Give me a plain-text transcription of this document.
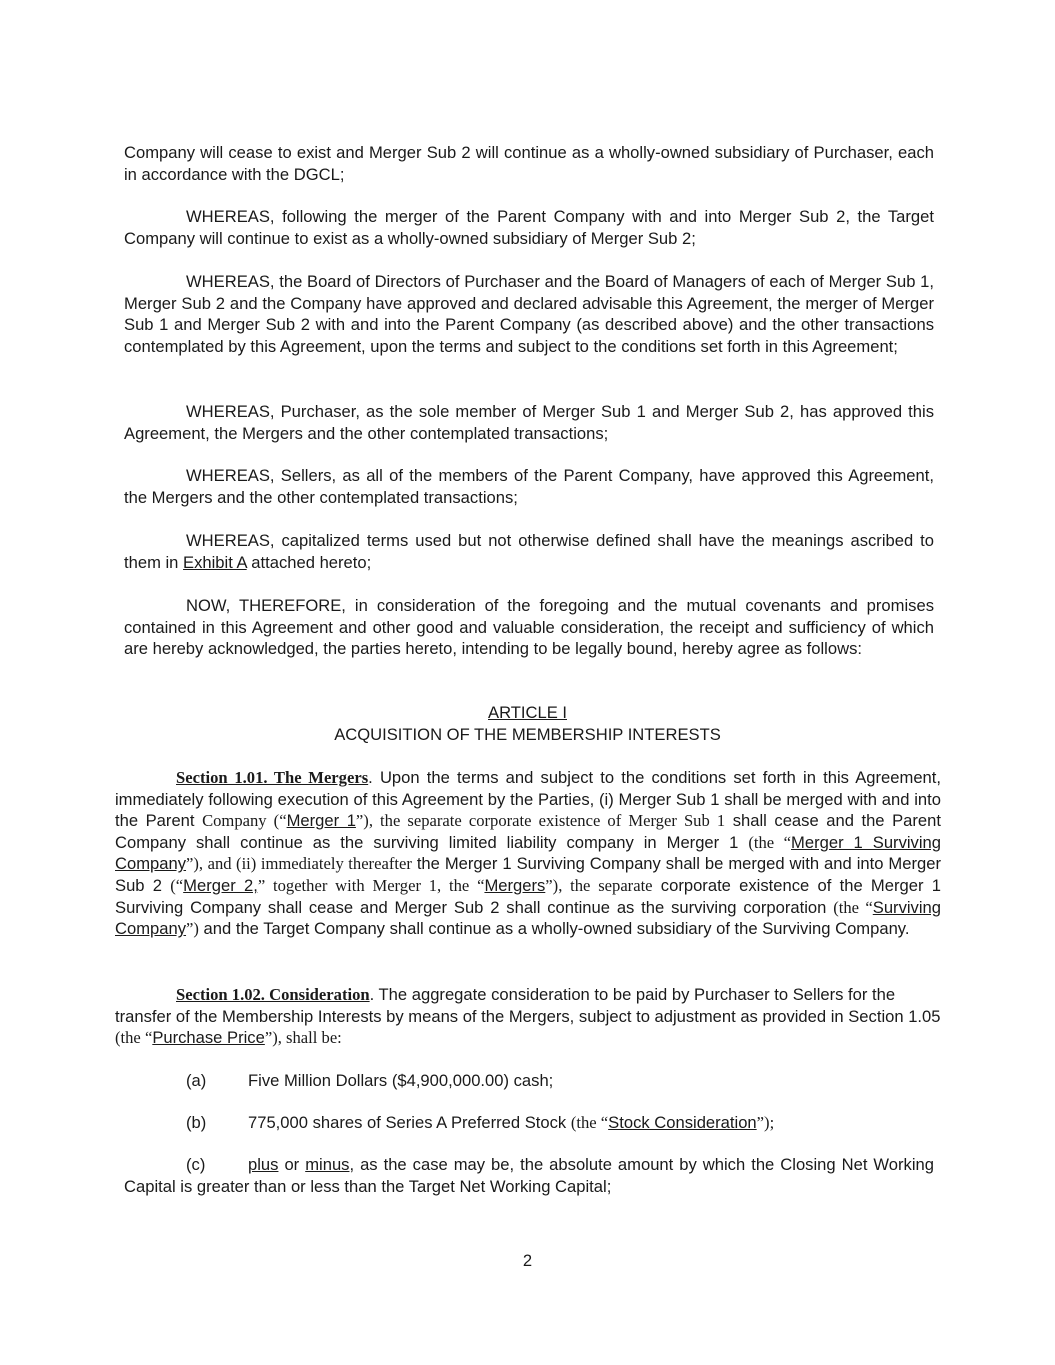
Company will cease to exist and Merger Sub 2 will continue as a wholly-owned subsidiary of Purchaser, each in accordance with the DGCL;

WHEREAS, following the merger of the Parent Company with and into Merger Sub 2, the Target Company will continue to exist as a wholly-owned subsidiary of Merger Sub 2;

WHEREAS, the Board of Directors of Purchaser and the Board of Managers of each of Merger Sub 1, Merger Sub 2 and the Company have approved and declared advisable this Agreement, the merger of Merger Sub 1 and Merger Sub 2 with and into the Parent Company (as described above) and the other transactions contemplated by this Agreement, upon the terms and subject to the conditions set forth in this Agreement;

WHEREAS, Purchaser, as the sole member of Merger Sub 1 and Merger Sub 2, has approved this Agreement, the Mergers and the other contemplated transactions;

WHEREAS, Sellers, as all of the members of the Parent Company, have approved this Agreement, the Mergers and the other contemplated transactions;

WHEREAS, capitalized terms used but not otherwise defined shall have the meanings ascribed to them in Exhibit A attached hereto;

NOW, THEREFORE, in consideration of the foregoing and the mutual covenants and promises contained in this Agreement and other good and valuable consideration, the receipt and sufficiency of which are hereby acknowledged, the parties hereto, intending to be legally bound, hereby agree as follows:

ARTICLE I

ACQUISITION OF THE MEMBERSHIP INTERESTS

Section 1.01. The Mergers. Upon the terms and subject to the conditions set forth in this Agreement, immediately following execution of this Agreement by the Parties, (i) Merger Sub 1 shall be merged with and into the Parent Company (“Merger 1”), the separate corporate existence of Merger Sub 1 shall cease and the Parent Company shall continue as the surviving limited liability company in Merger 1 (the “Merger 1 Surviving Company”), and (ii) immediately thereafter the Merger 1 Surviving Company shall be merged with and into Merger Sub 2 (“Merger 2,” together with Merger 1, the “Mergers”), the separate corporate existence of the Merger 1 Surviving Company shall cease and Merger Sub 2 shall continue as the surviving corporation (the “Surviving Company”) and the Target Company shall continue as a wholly-owned subsidiary of the Surviving Company.

Section 1.02. Consideration. The aggregate consideration to be paid by Purchaser to Sellers for the transfer of the Membership Interests by means of the Mergers, subject to adjustment as provided in Section 1.05 (the “Purchase Price”), shall be:

(a)	Five Million Dollars ($4,900,000.00) cash;

(b)	775,000 shares of Series A Preferred Stock (the “Stock Consideration”);

(c)	plus or minus, as the case may be, the absolute amount by which the Closing Net Working Capital is greater than or less than the Target Net Working Capital;

2
